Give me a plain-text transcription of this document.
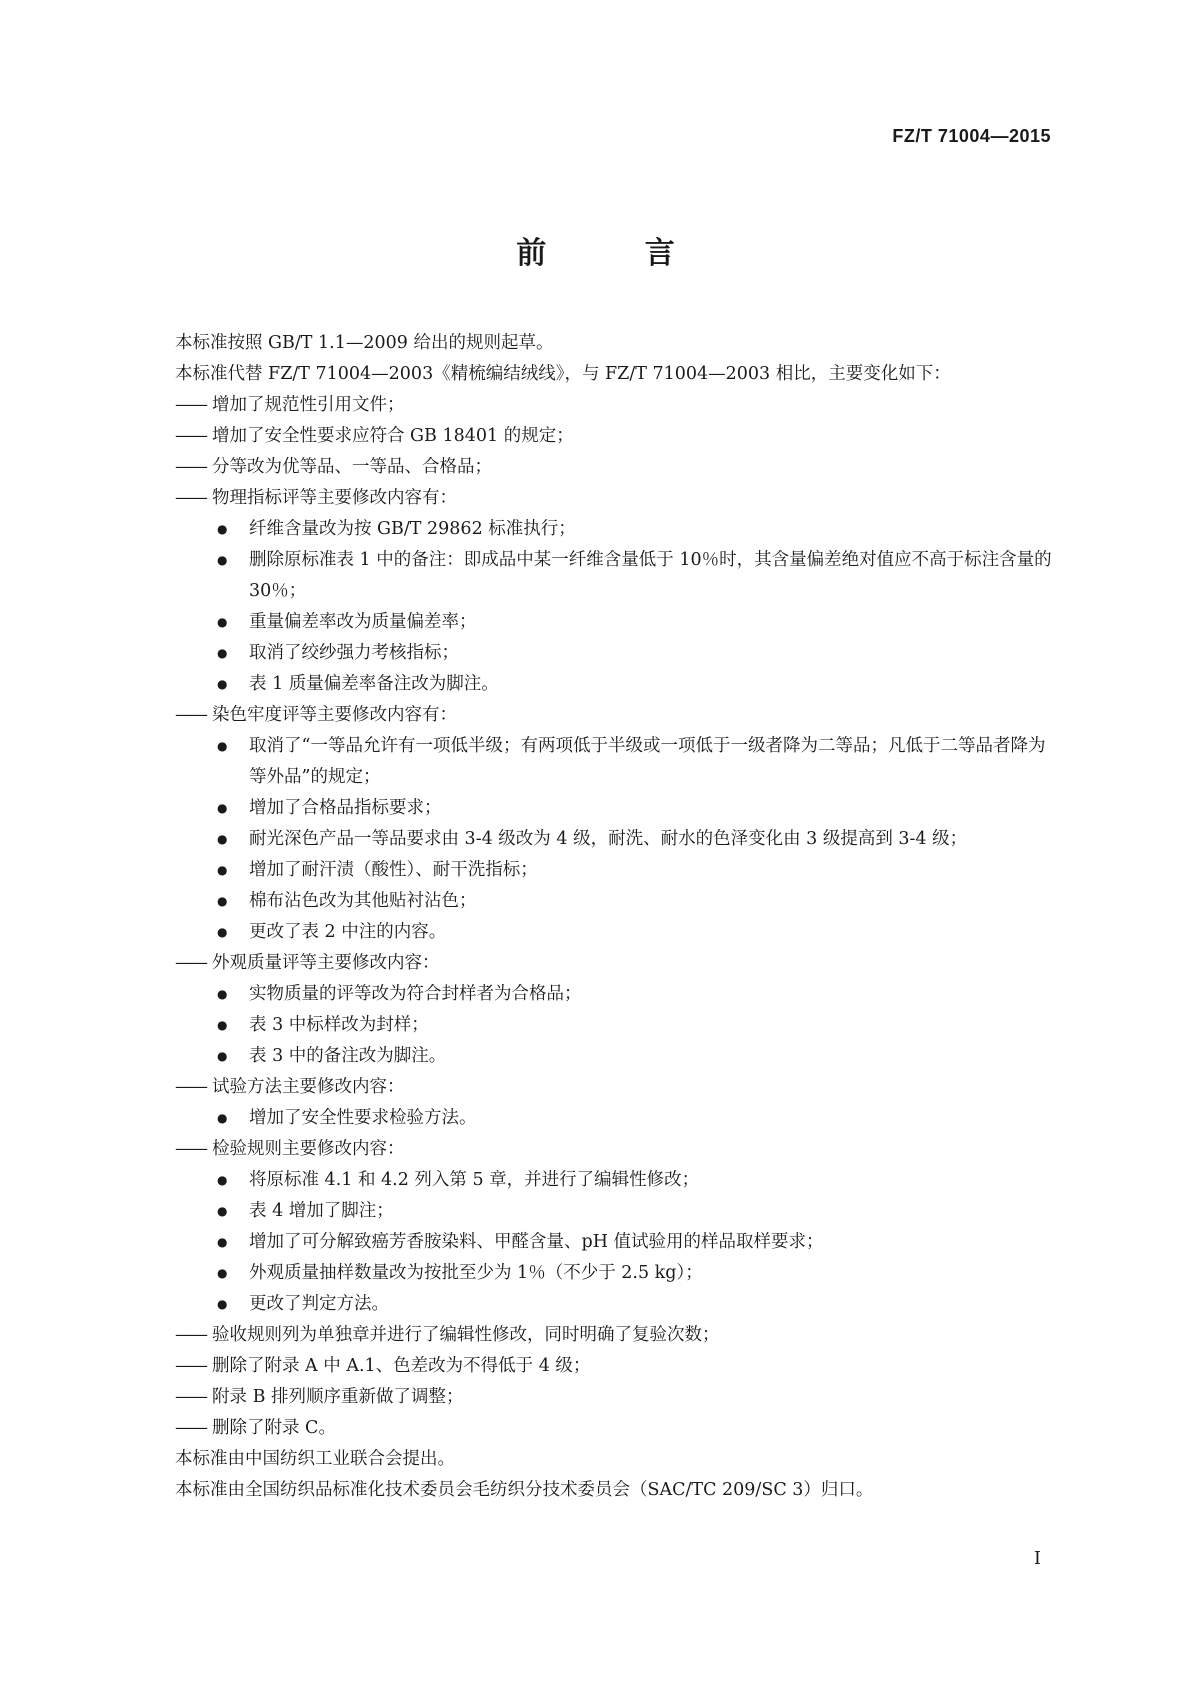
FZ/T 71004—2015
前 言

本标准按照 GB/T 1.1—2009 给出的规则起草。

本标准代替 FZ/T 71004—2003《精梳编结绒线》，与 FZ/T 71004—2003 相比，主要变化如下：

—— 增加了规范性引用文件；
—— 增加了安全性要求应符合 GB 18401 的规定；
—— 分等改为优等品、一等品、合格品；
—— 物理指标评等主要修改内容有：
●	纤维含量改为按 GB/T 29862 标准执行；
●	删除原标准表 1 中的备注：即成品中某一纤维含量低于 10％时，其含量偏差绝对值应不高于标注含量的 30％；
●	重量偏差率改为质量偏差率；
●	取消了绞纱强力考核指标；
●	表 1 质量偏差率备注改为脚注。
—— 染色牢度评等主要修改内容有：
●	取消了“一等品允许有一项低半级；有两项低于半级或一项低于一级者降为二等品；凡低于二等品者降为等外品”的规定；
●	增加了合格品指标要求；
●	耐光深色产品一等品要求由 3-4 级改为 4 级，耐洗、耐水的色泽变化由 3 级提高到 3-4 级；
●	增加了耐汗渍（酸性）、耐干洗指标；
●	棉布沾色改为其他贴衬沾色；
●	更改了表 2 中注的内容。
—— 外观质量评等主要修改内容：
●	实物质量的评等改为符合封样者为合格品；
●	表 3 中标样改为封样；
●	表 3 中的备注改为脚注。
—— 试验方法主要修改内容：
●	增加了安全性要求检验方法。
—— 检验规则主要修改内容：
●	将原标准 4.1 和 4.2 列入第 5 章，并进行了编辑性修改；
●	表 4 增加了脚注；
●	增加了可分解致癌芳香胺染料、甲醛含量、pH 值试验用的样品取样要求；
●	外观质量抽样数量改为按批至少为 1％（不少于 2.5 kg）；
●	更改了判定方法。
—— 验收规则列为单独章并进行了编辑性修改，同时明确了复验次数；
—— 删除了附录 A 中 A.1、色差改为不得低于 4 级；
—— 附录 B 排列顺序重新做了调整；
—— 删除了附录 C。

本标准由中国纺织工业联合会提出。

本标准由全国纺织品标准化技术委员会毛纺织分技术委员会（SAC/TC 209/SC 3）归口。

I
